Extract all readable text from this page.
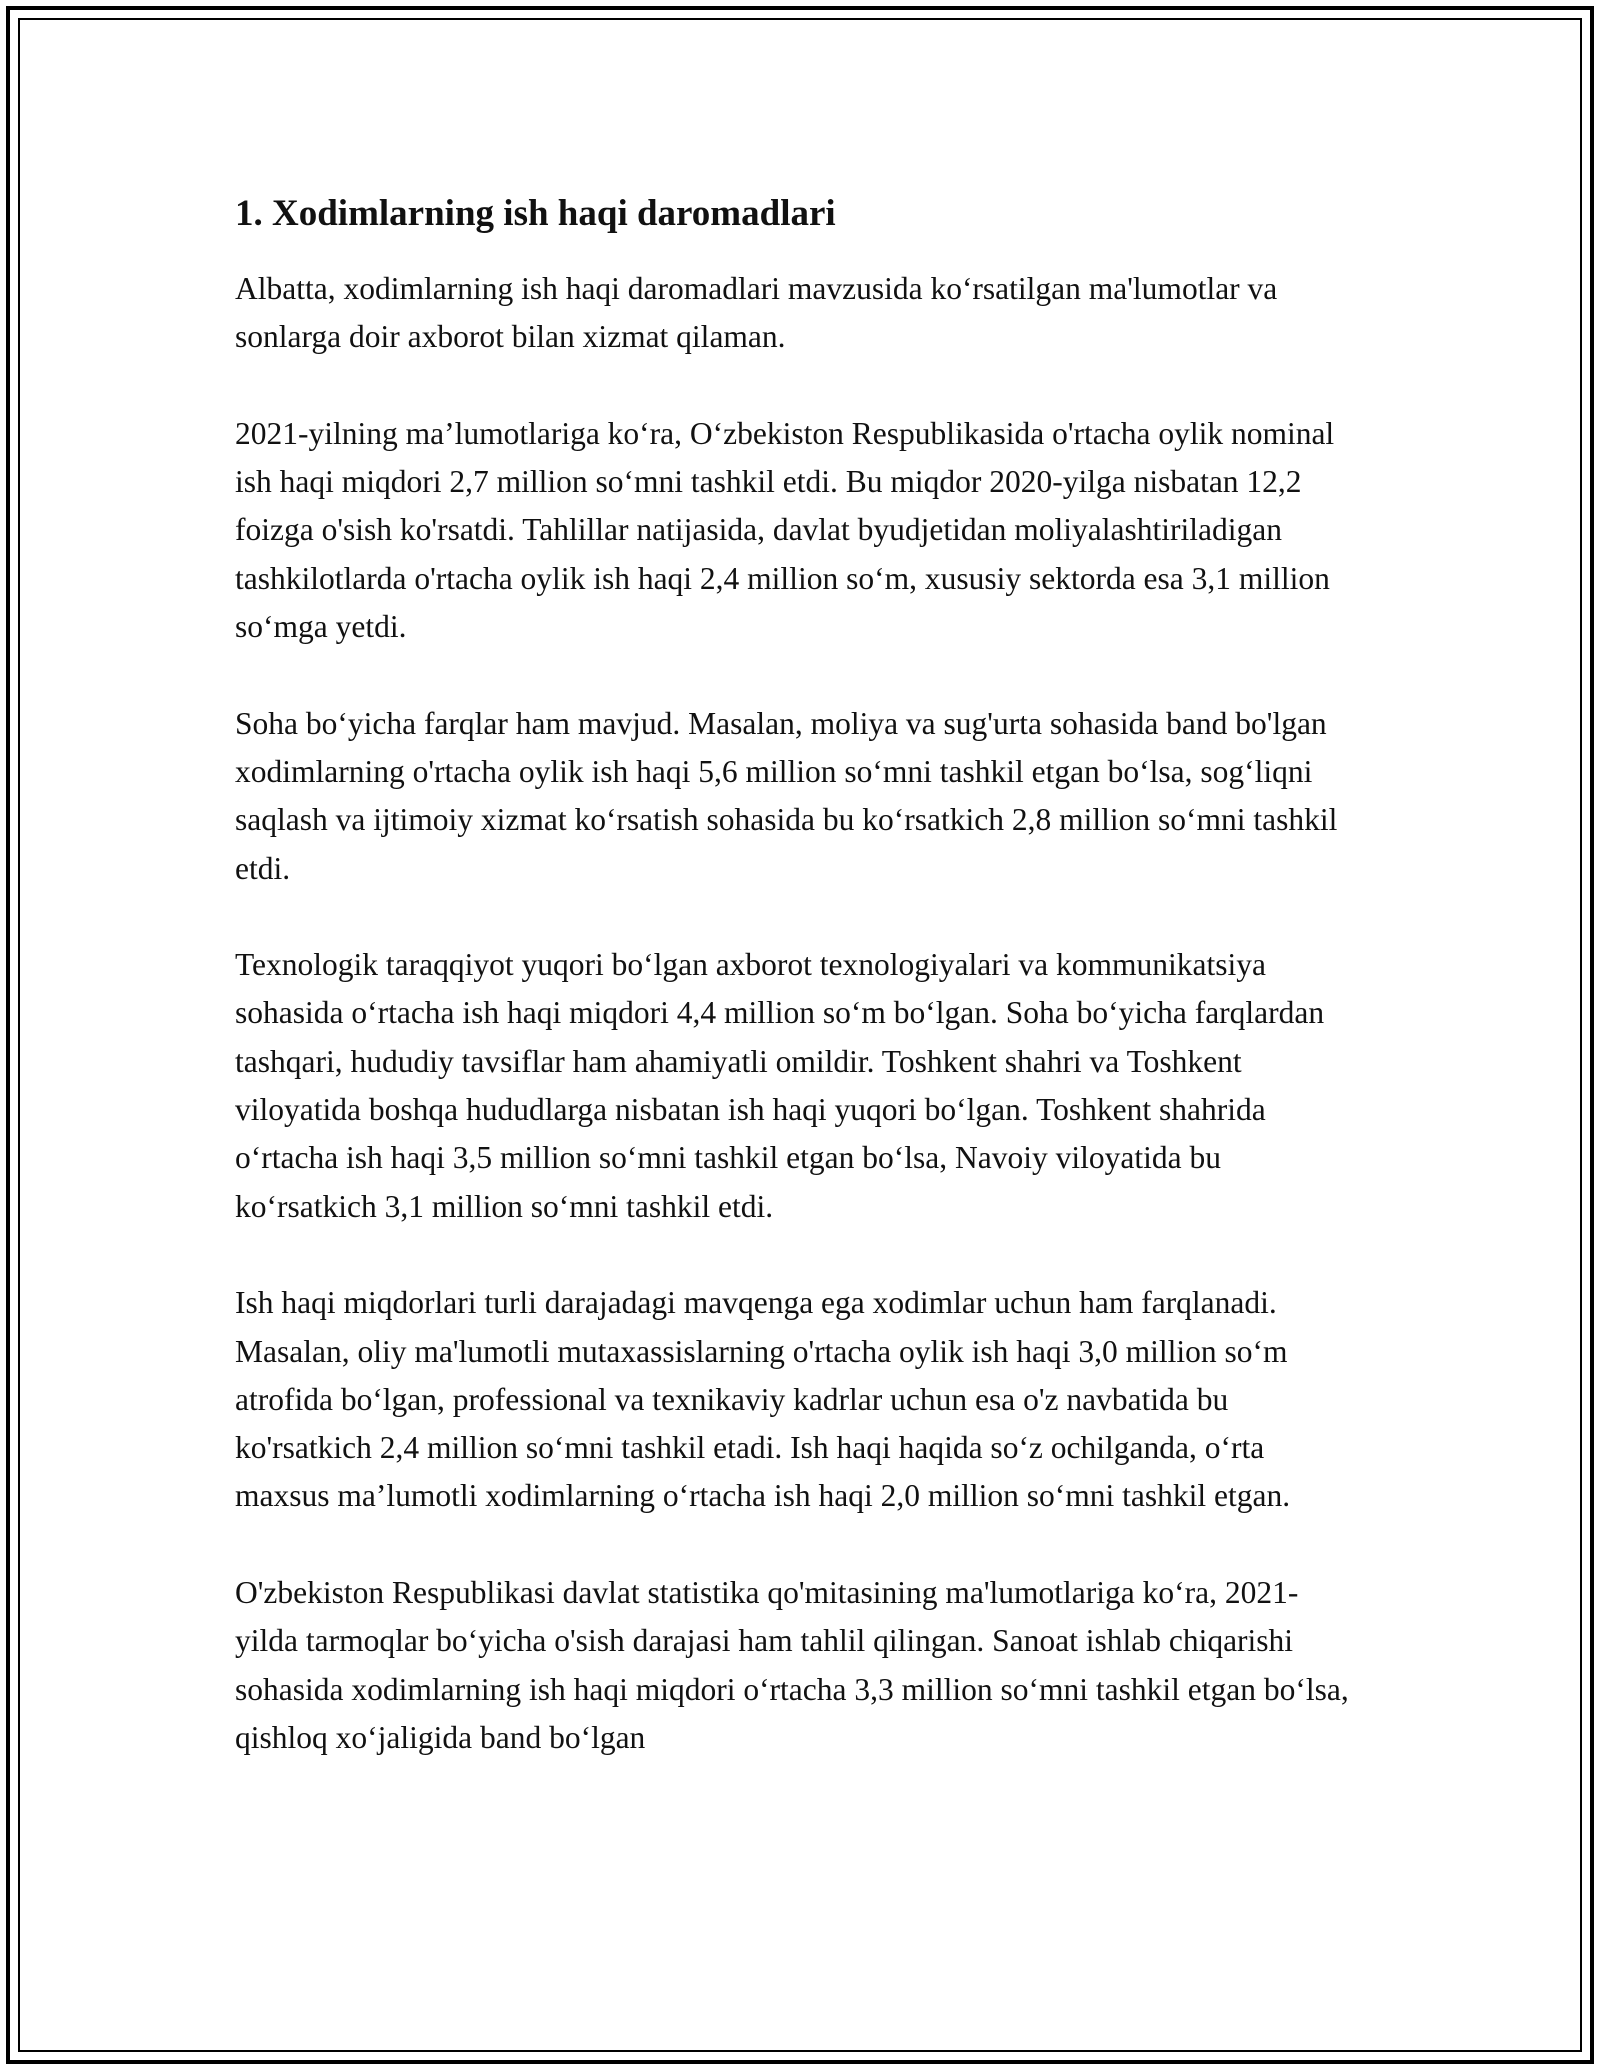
1. Xodimlarning ish haqi daromadlari

Albatta, xodimlarning ish haqi daromadlari mavzusida koʻrsatilgan ma'lumotlar va sonlarga doir axborot bilan xizmat qilaman.

2021-yilning maʼlumotlariga koʻra, Oʻzbekiston Respublikasida o'rtacha oylik nominal ish haqi miqdori 2,7 million soʻmni tashkil etdi. Bu miqdor 2020-yilga nisbatan 12,2 foizga o'sish ko'rsatdi. Tahlillar natijasida, davlat byudjetidan moliyalashtiriladigan tashkilotlarda o'rtacha oylik ish haqi 2,4 million soʻm, xususiy sektorda esa 3,1 million soʻmga yetdi.

Soha boʻyicha farqlar ham mavjud. Masalan, moliya va sug'urta sohasida band bo'lgan xodimlarning o'rtacha oylik ish haqi 5,6 million soʻmni tashkil etgan boʻlsa, sogʻliqni saqlash va ijtimoiy xizmat koʻrsatish sohasida bu koʻrsatkich 2,8 million soʻmni tashkil etdi.

Texnologik taraqqiyot yuqori boʻlgan axborot texnologiyalari va kommunikatsiya sohasida oʻrtacha ish haqi miqdori 4,4 million soʻm boʻlgan. Soha boʻyicha farqlardan tashqari, hududiy tavsiflar ham ahamiyatli omildir. Toshkent shahri va Toshkent viloyatida boshqa hududlarga nisbatan ish haqi yuqori boʻlgan. Toshkent shahrida oʻrtacha ish haqi 3,5 million soʻmni tashkil etgan boʻlsa, Navoiy viloyatida bu koʻrsatkich 3,1 million soʻmni tashkil etdi.

Ish haqi miqdorlari turli darajadagi mavqenga ega xodimlar uchun ham farqlanadi. Masalan, oliy ma'lumotli mutaxassislarning o'rtacha oylik ish haqi 3,0 million soʻm atrofida boʻlgan, professional va texnikaviy kadrlar uchun esa o'z navbatida bu ko'rsatkich 2,4 million soʻmni tashkil etadi. Ish haqi haqida soʻz ochilganda, oʻrta maxsus maʼlumotli xodimlarning oʻrtacha ish haqi 2,0 million soʻmni tashkil etgan.

O'zbekiston Respublikasi davlat statistika qo'mitasining ma'lumotlariga koʻra, 2021-yilda tarmoqlar boʻyicha o'sish darajasi ham tahlil qilingan. Sanoat ishlab chiqarishi sohasida xodimlarning ish haqi miqdori oʻrtacha 3,3 million soʻmni tashkil etgan boʻlsa, qishloq xoʻjaligida band boʻlgan
